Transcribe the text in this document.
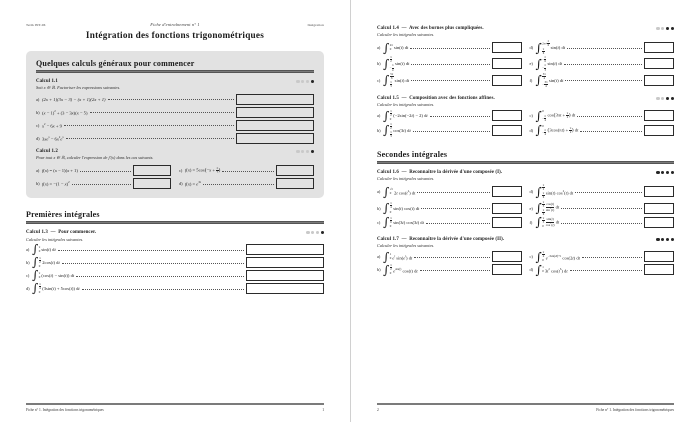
Term INT-06	Fiche d'entraînement n° 1	Intégration
Intégration des fonctions trigonométriques
Quelques calculs généraux pour commencer
Calcul 1.1
Soit x ∈ ℝ. Factoriser les expressions suivantes.
a) (2x + 1)(3x − 3) − (x + 1)(2x + 1)
b) $(x - 1)^2 + (3 - 3x)(x - 5)$
c) $x^2 - 6x + 9$
d) $3xe^x - 6x^2e^x$
Calcul 1.2
Pour tout x ∈ ℝ, calculer l'expression de f′(x) dans les cas suivants.
a) f(x) = (x − 1)(x + 1)	c) $f(x) = 5\cos(-x + \frac{\pi}{7}$ )
b) $f(x) = -(1 - x)^2$	d) $f(x) = e^{3x}$
Premières intégrales
Calcul 1.3  —  Pour commencer.
Calculer les intégrales suivantes.
a) ∫ π
0 sin(t) dt
b) ∫ $\frac{\pi}{2}$
0
2cos(t) dt
c) ∫ π
0 (cos(t) − sin(t)) dt
d) ∫ $\frac{\pi}{4}$
0
(3sin(t) + 5cos(t)) dt
Fiche n° 1. Intégration des fonctions trigonométriques	1
Calcul 1.4  —  Avec des bornes plus compliquées.
Calculer les intégrales suivantes.
a) ∫ 2π
0 sin(t) dt	d) ∫ $2\pi+ \frac{\pi}{6}$
$\frac{\pi}{6}$
sin(t) dt
b) ∫ $\frac{\pi}{2}$
− $\frac{\pi}{4}$
sin(t) dt	e) ∫ − $\frac{\pi}{6}$
− $\frac{\pi}{3}$
sin(t) dt
c) ∫ $\frac{5\pi}{6}$
$\frac{\pi}{3}$
sin(t) dt	f) ∫ $\frac{5\pi}{4}$
− $\frac{3\pi}{4}$
sin(t) dt
Calcul 1.5  —  Composition avec des fonctions affines.
Calculer les intégrales suivantes.
a) ∫ $\frac{\pi}{2}$
0
(−2sin(−2t) − 2) dt	c) ∫ 0
− $\frac{\pi}{4} \cos(3\pi t + \frac{\pi}{2}$ ) dt
b) ∫ $\frac{\pi}{2}$
$\frac{\pi}{3}$
cos(3t) dt	d) ∫ 0
− $\frac{\pi}{4} (3\cos(\pi t) + \frac{\pi}{2}$ ) dt
Secondes intégrales
Calcul 1.6  —  Reconnaître la dérivée d'une composée (I).
Calculer les intégrales suivantes.
a) ∫ √π
0 2t $\cos(t^2)$ dt	d) ∫ $\frac{\pi}{2}$
$\frac{\pi}{6} \sin(t)$ $\cos^2(t)$ dt
b) ∫ $\frac{\pi}{4}$
0
sin(t) cos(t) dt	e) ∫ $\frac{\pi}{3}$
$\frac{\pi}{6} \frac{\cos(t)}{\sin^2(t)}$ dt
c) ∫ $\frac{\pi}{6}$
0
sin(3t) cos(3t) dt	f) ∫ $\frac{\pi}{3}$
$0 \frac{\sin(t)}{\cos^2(t)}$ dt
Calcul 1.7  —  Reconnaître la dérivée d'une composée (II).
Calculer les intégrales suivantes.
a) ∫ 1
0 $e^t$ $\sin(e^t)$ dt	c) ∫ $\frac{\pi}{4}$
0
$e^{-3sin(2t)+1}$ cos(2t) dt
b) ∫ $\frac{\pi}{2}$
0
$e^{sin(t)}$ cos(t) dt	d) ∫ 1
0 $3t^2$ $\cos(t^3)$ dt
Fiche n° 1. Intégration des fonctions trigonométriques
2
